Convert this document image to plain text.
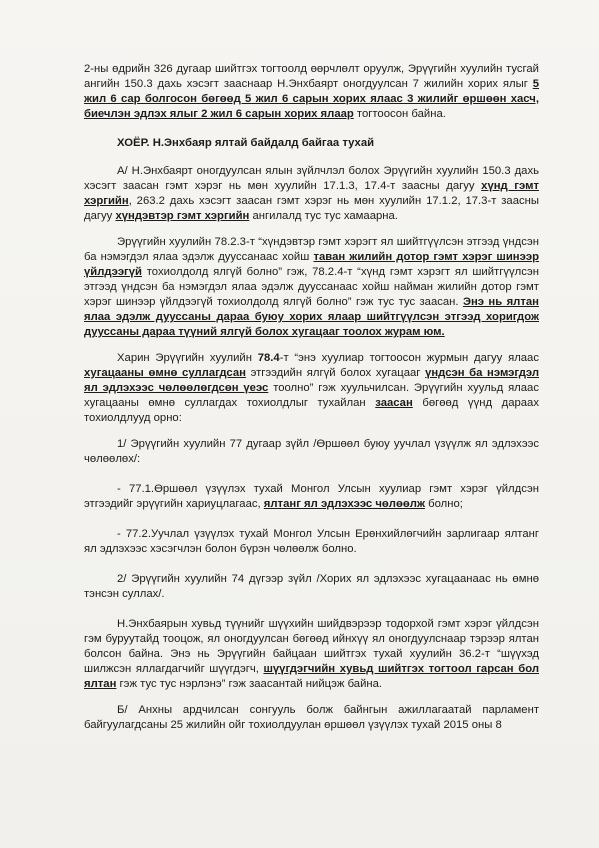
2-ны өдрийн 326 дугаар шийтгэх тогтоолд өөрчлөлт оруулж, Эрүүгийн хуулийн тусгай ангийн 150.3 дахь хэсэгт зааснаар Н.Энхбаярт оногдуулсан 7 жилийн хорих ялыг 5 жил 6 сар болгосон бөгөөд 5 жил 6 сарын хорих ялаас 3 жилийг өршөөн хасч, биечлэн эдлэх ялыг 2 жил 6 сарын хорих ялаар тогтоосон байна.

ХОЁР. Н.Энхбаяр ялтай байдалд байгаа тухай

А/ Н.Энхбаярт оногдуулсан ялын зүйлчлэл болох Эрүүгийн хуулийн 150.3 дахь хэсэгт заасан гэмт хэрэг нь мөн хуулийн 17.1.3, 17.4-т заасны дагуу хүнд гэмт хэргийн, 263.2 дахь хэсэгт заасан гэмт хэрэг нь мөн хуулийн 17.1.2, 17.3-т заасны дагуу хүндэвтэр гэмт хэргийн ангилалд тус тус хамаарна.

Эрүүгийн хуулийн 78.2.3-т “хүндэвтэр гэмт хэрэгт ял шийтгүүлсэн этгээд үндсэн ба нэмэгдэл ялаа эдэлж дууссанаас хойш таван жилийн дотор гэмт хэрэг шинээр үйлдээгүй тохиолдолд ялгүй болно” гэж, 78.2.4-т “хүнд гэмт хэрэгт ял шийтгүүлсэн этгээд үндсэн ба нэмэгдэл ялаа эдэлж дууссанаас хойш найман жилийн дотор гэмт хэрэг шинээр үйлдээгүй тохиолдолд ялгүй болно” гэж тус тус заасан. Энэ нь ялтан ялаа эдэлж дууссаны дараа буюу хорих ялаар шийтгүүлсэн этгээд хоригдож дууссаны дараа түүний ялгүй болох хугацааг тоолох журам юм.

Харин Эрүүгийн хуулийн 78.4-т “энэ хуулиар тогтоосон журмын дагуу ялаас хугацааны өмнө суллагдсан этгээдийн ялгүй болох хугацааг үндсэн ба нэмэгдэл ял эдлэхээс чөлөөлөгдсөн үеэс тоолно” гэж хуульчилсан. Эрүүгийн хуульд ялаас хугацааны өмнө суллагдах тохиолдлыг тухайлан заасан бөгөөд үүнд дараах тохиолдлууд орно:

1/ Эрүүгийн хуулийн 77 дугаар зүйл /Өршөөл буюу уучлал үзүүлж ял эдлэхээс чөлөөлөх/:

- 77.1.Өршөөл үзүүлэх тухай Монгол Улсын хуулиар гэмт хэрэг үйлдсэн этгээдийг эрүүгийн хариуцлагаас, ялтанг ял эдлэхээс чөлөөлж болно;

- 77.2.Уучлал үзүүлэх тухай Монгол Улсын Ерөнхийлөгчийн зарлигаар ялтанг ял эдлэхээс хэсэгчлэн болон бүрэн чөлөөлж болно.

2/ Эрүүгийн хуулийн 74 дүгээр зүйл /Хорих ял эдлэхээс хугацаанаас нь өмнө тэнсэн суллах/.

Н.Энхбаярын хувьд түүнийг шүүхийн шийдвэрээр тодорхой гэмт хэрэг үйлдсэн гэм буруутайд тооцож, ял оногдуулсан бөгөөд ийнхүү ял оногдуулснаар тэрээр ялтан болсон байна. Энэ нь Эрүүгийн байцаан шийтгэх тухай хуулийн 36.2-т “шүүхэд шилжсэн яллагдагчийг шүүгдэгч, шүүгдэгчийн хувьд шийтгэх тогтоол гарсан бол ялтан гэж тус тус нэрлэнэ” гэж заасантай нийцэж байна.

Б/ Анхны ардчилсан сонгууль болж байнгын ажиллагаатай парламент байгуулагдсаны 25 жилийн ойг тохиолдуулан өршөөл үзүүлэх тухай 2015 оны 8
